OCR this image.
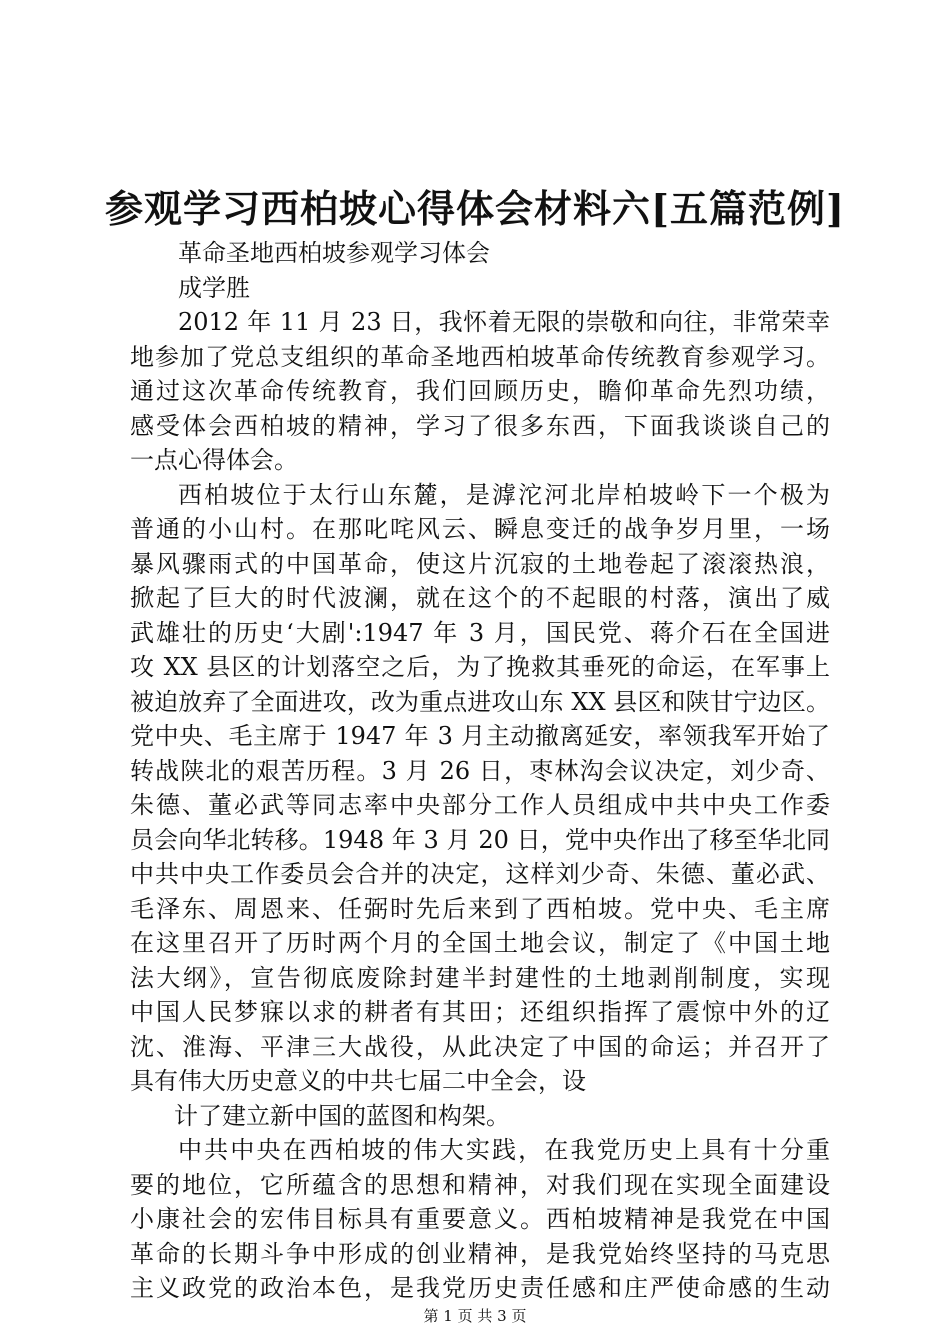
参观学习西柏坡心得体会材料六[五篇范例]
革命圣地西柏坡参观学习体会
成学胜
2012 年 11 月 23 日，我怀着无限的崇敬和向往，非常荣幸
地参加了党总支组织的革命圣地西柏坡革命传统教育参观学习。
通过这次革命传统教育，我们回顾历史，瞻仰革命先烈功绩，
感受体会西柏坡的精神，学习了很多东西，下面我谈谈自己的
一点心得体会。
西柏坡位于太行山东麓，是滹沱河北岸柏坡岭下一个极为
普通的小山村。在那叱咤风云、瞬息变迁的战争岁月里，一场
暴风骤雨式的中国革命，使这片沉寂的土地卷起了滚滚热浪，
掀起了巨大的时代波澜，就在这个的不起眼的村落，演出了威
武雄壮的历史‘大剧':1947 年 3 月，国民党、蒋介石在全国进
攻 XX 县区的计划落空之后，为了挽救其垂死的命运，在军事上
被迫放弃了全面进攻，改为重点进攻山东 XX 县区和陕甘宁边区。
党中央、毛主席于 1947 年 3 月主动撤离延安，率领我军开始了
转战陕北的艰苦历程。3 月 26 日，枣林沟会议决定，刘少奇、
朱德、董必武等同志率中央部分工作人员组成中共中央工作委
员会向华北转移。1948 年 3 月 20 日，党中央作出了移至华北同
中共中央工作委员会合并的决定，这样刘少奇、朱德、董必武、
毛泽东、周恩来、任弼时先后来到了西柏坡。党中央、毛主席
在这里召开了历时两个月的全国土地会议，制定了《中国土地
法大纲》，宣告彻底废除封建半封建性的土地剥削制度，实现
中国人民梦寐以求的耕者有其田；还组织指挥了震惊中外的辽
沈、淮海、平津三大战役，从此决定了中国的命运；并召开了
具有伟大历史意义的中共七届二中全会，设
计了建立新中国的蓝图和构架。
中共中央在西柏坡的伟大实践，在我党历史上具有十分重
要的地位，它所蕴含的思想和精神，对我们现在实现全面建设
小康社会的宏伟目标具有重要意义。西柏坡精神是我党在中国
革命的长期斗争中形成的创业精神，是我党始终坚持的马克思
主义政党的政治本色，是我党历史责任感和庄严使命感的生动
第 1 页 共 3 页
